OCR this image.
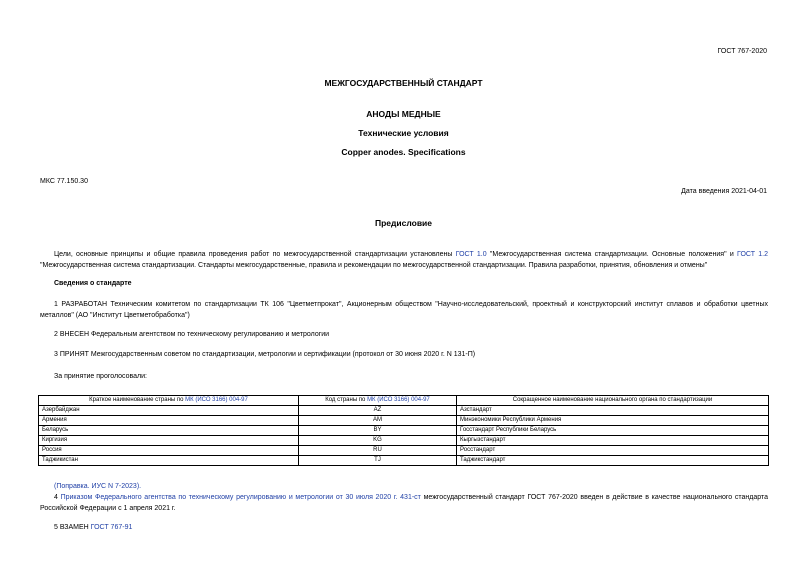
ГОСТ 767-2020
МЕЖГОСУДАРСТВЕННЫЙ СТАНДАРТ
АНОДЫ МЕДНЫЕ
Технические условия
Copper anodes. Specifications
МКС 77.150.30
Дата введения 2021-04-01
Предисловие
Цели, основные принципы и общие правила проведения работ по межгосударственной стандартизации установлены ГОСТ 1.0 "Межгосударственная система стандартизации. Основные положения" и ГОСТ 1.2 "Межгосударственная система стандартизации. Стандарты межгосударственные, правила и рекомендации по межгосударственной стандартизации. Правила разработки, принятия, обновления и отмены"
Сведения о стандарте
1 РАЗРАБОТАН Техническим комитетом по стандартизации ТК 106 "Цветметпрокат", Акционерным обществом "Научно-исследовательский, проектный и конструкторский институт сплавов и обработки цветных металлов" (АО "Институт Цветметобработка")
2 ВНЕСЕН Федеральным агентством по техническому регулированию и метрологии
3 ПРИНЯТ Межгосударственным советом по стандартизации, метрологии и сертификации (протокол от 30 июня 2020 г. N 131-П)
За принятие проголосовали:
Краткое наименование страны по МК (ИСО 3166) 004-97	Код страны по МК (ИСО 3166) 004-97	Сокращенное наименование национального органа по стандартизации
Азербайджан	AZ	Азстандарт
Армения	AM	Минэкономики Республики Армения
Беларусь	BY	Госстандарт Республики Беларусь
Киргизия	KG	Кыргызстандарт
Россия	RU	Росстандарт
Таджикистан	TJ	Таджикстандарт
(Поправка. ИУС N 7-2023).
4 Приказом Федерального агентства по техническому регулированию и метрологии от 30 июля 2020 г. 431-ст межгосударственный стандарт ГОСТ 767-2020 введен в действие в качестве национального стандарта Российской Федерации с 1 апреля 2021 г.
5 ВЗАМЕН ГОСТ 767-91
